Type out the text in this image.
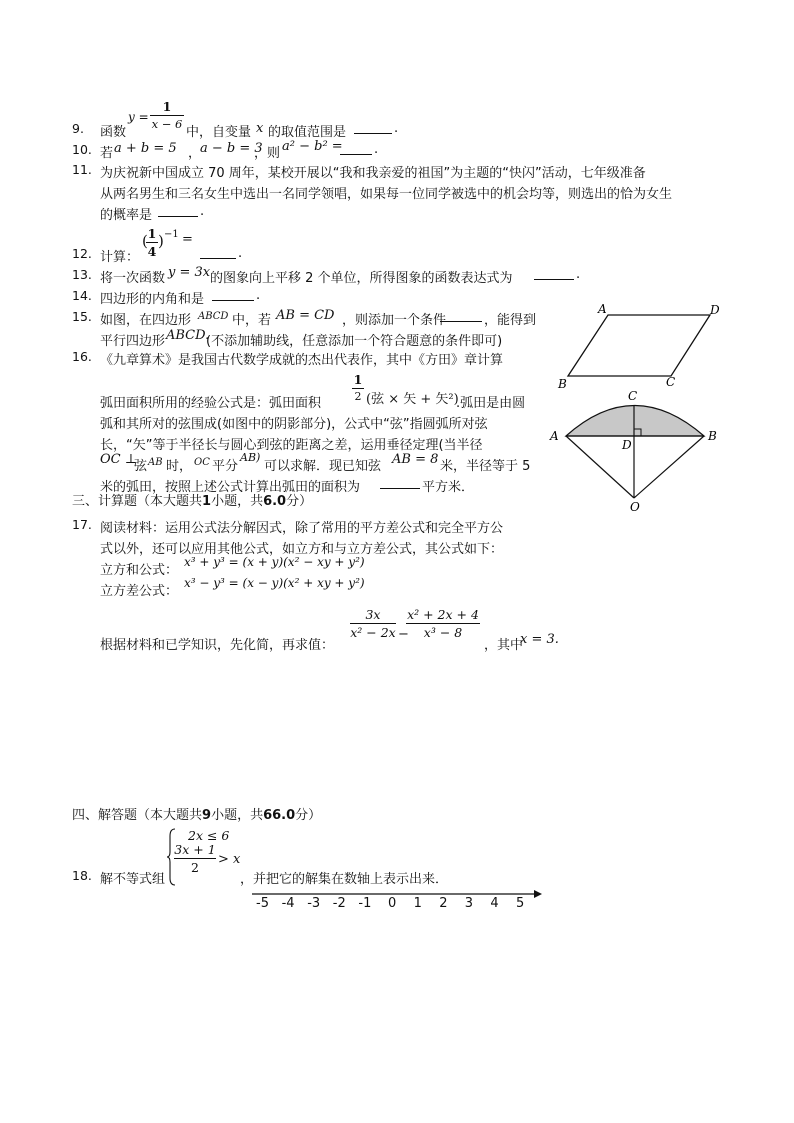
9. 函数
y =
1
x − 6
中，自变量 x 的取值范围是	.
10. 若 a + b = 5 ，
a − b = 3
，则 a² − b² = .
11. 为庆祝新中国成立 70 周年，某校开展以“我和我亲爱的祖国”为主题的“快闪”活动，七年级准备
从两名男生和三名女生中选出一名同学领唱，如果每一位同学被选中的机会均等，则选出的恰为女生
的概率是	.
12. 计算：
( 1
4
) −1 =
.
13. 将一次函数 y = 3x 的图象向上平移 2 个单位，所得图象的函数表达式为	.
14. 四边形的内角和是	.
15. 如图，在四边形 ABCD 中，若 AB = CD ，则添加一个条件	，能得到
平行四边形 ABCD.
(不添加辅助线，任意添加一个符合题意的条件即可)
A	D
B	C
16. 《九章算术》是我国古代数学成就的杰出代表作，其中《方田》章计算
弧田面积所用的经验公式是：弧田面积
1
2 (弦 × 矢 + 矢²)
.弧田是由圆
弧和其所对的弦围成(如图中的阴影部分)，公式中“弦”指圆弧所对弦
长，“矢”等于半径长与圆心到弦的距离之差，运用垂径定理(当半径
OC ⊥
弦 AB 时， OC 平分
AB)
可以求解．现已知弦 AB = 8 米，半径等于 5
米的弧田，按照上述公式计算出弧田的面积为	平方米．
C
A	B
D
O
三、计算题（本大题共1小题，共6.0分）
17. 阅读材料：运用公式法分解因式，除了常用的平方差公式和完全平方公
式以外，还可以应用其他公式，如立方和与立方差公式，其公式如下：
立方和公式：
x³ + y³ = (x + y)(x² − xy + y²)
立方差公式：
x³ − y³ = (x − y)(x² + xy + y²)
根据材料和已学知识，先化简，再求值：
3x
x² − 2x −
x² + 2x + 4
x³ − 8
，其中
x = 3.
四、解答题（本大题共9小题，共66.0分）
18. 解不等式组
2x ≤ 6
3x + 1
2
> x
，并把它的解集在数轴上表示出来．
-5 -4 -3 -2 -1 0 1 2 3 4 5
